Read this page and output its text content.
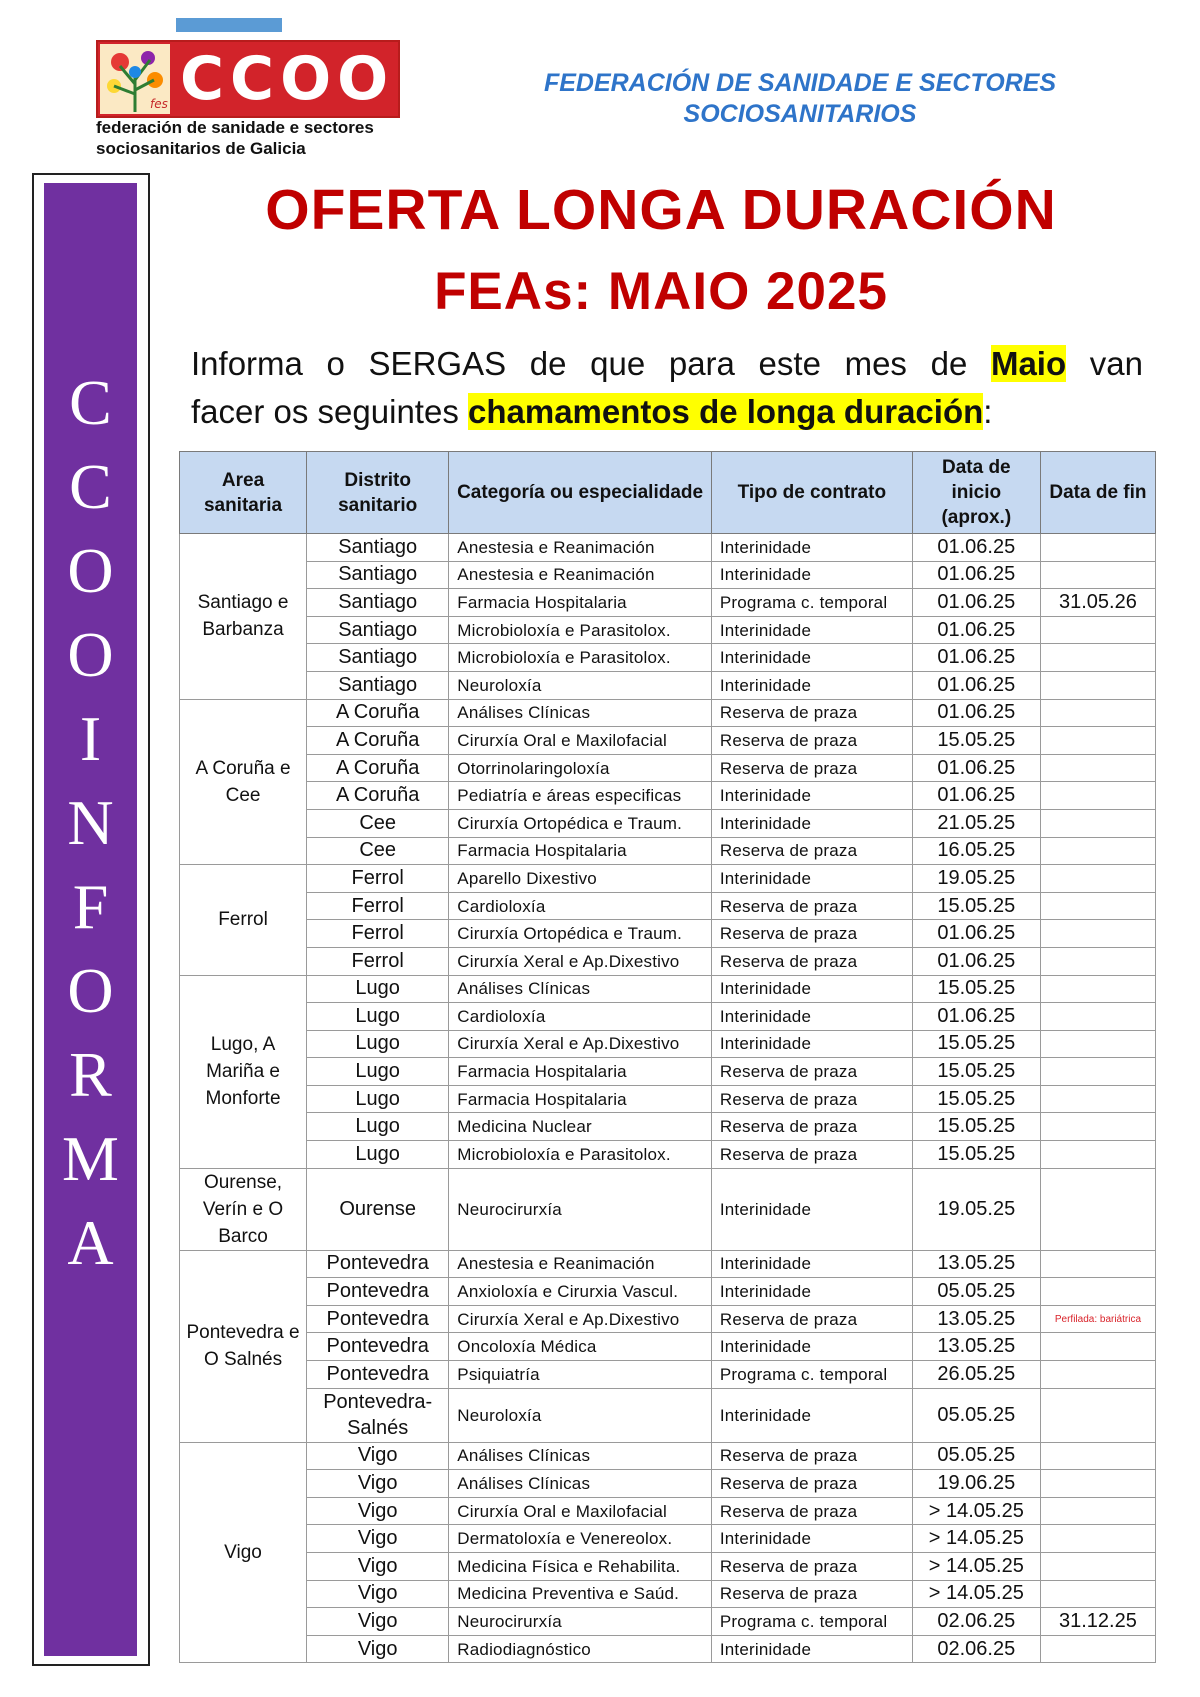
fes CCOO
federación de sanidade e sectores
sociosanitarios de Galicia
FEDERACIÓN DE SANIDADE E SECTORES
SOCIOSANITARIOS
C
C
O
O
I
N
F
O
R
M
A
OFERTA LONGA DURACIÓN
FEAs: MAIO 2025
Informa o SERGAS de que para este mes de Maio van
facer os seguintes chamamentos de longa duración:
Area sanitaria	Distrito sanitario	Categoría ou especialidade	Tipo de contrato	Data de inicio (aprox.)	Data de fin
Santiago e Barbanza	Santiago	Anestesia e Reanimación	Interinidade	01.06.25	
	Santiago	Anestesia e Reanimación	Interinidade	01.06.25	
	Santiago	Farmacia Hospitalaria	Programa c. temporal	01.06.25	31.05.26
	Santiago	Microbioloxía e Parasitolox.	Interinidade	01.06.25	
	Santiago	Microbioloxía e Parasitolox.	Interinidade	01.06.25	
	Santiago	Neuroloxía	Interinidade	01.06.25	
A Coruña e Cee	A Coruña	Análises Clínicas	Reserva de praza	01.06.25	
	A Coruña	Cirurxía Oral e Maxilofacial	Reserva de praza	15.05.25	
	A Coruña	Otorrinolaringoloxía	Reserva de praza	01.06.25	
	A Coruña	Pediatría e áreas especificas	Interinidade	01.06.25	
	Cee	Cirurxía Ortopédica e Traum.	Interinidade	21.05.25	
	Cee	Farmacia Hospitalaria	Reserva de praza	16.05.25	
Ferrol	Ferrol	Aparello Dixestivo	Interinidade	19.05.25	
	Ferrol	Cardioloxía	Reserva de praza	15.05.25	
	Ferrol	Cirurxía Ortopédica e Traum.	Reserva de praza	01.06.25	
	Ferrol	Cirurxía Xeral e Ap.Dixestivo	Reserva de praza	01.06.25	
Lugo, A Mariña e Monforte	Lugo	Análises Clínicas	Interinidade	15.05.25	
	Lugo	Cardioloxía	Interinidade	01.06.25	
	Lugo	Cirurxía Xeral e Ap.Dixestivo	Interinidade	15.05.25	
	Lugo	Farmacia Hospitalaria	Reserva de praza	15.05.25	
	Lugo	Farmacia Hospitalaria	Reserva de praza	15.05.25	
	Lugo	Medicina Nuclear	Reserva de praza	15.05.25	
	Lugo	Microbioloxía e Parasitolox.	Reserva de praza	15.05.25	
Ourense, Verín e O Barco	Ourense	Neurocirurxía	Interinidade	19.05.25	
Pontevedra e O Salnés	Pontevedra	Anestesia e Reanimación	Interinidade	13.05.25	
	Pontevedra	Anxioloxía e Cirurxia Vascul.	Interinidade	05.05.25	
	Pontevedra	Cirurxía Xeral e Ap.Dixestivo	Reserva de praza	13.05.25	Perfilada: bariátrica
	Pontevedra	Oncoloxía Médica	Interinidade	13.05.25	
	Pontevedra	Psiquiatría	Programa c. temporal	26.05.25	
	Pontevedra-Salnés	Neuroloxía	Interinidade	05.05.25	
Vigo	Vigo	Análises Clínicas	Reserva de praza	05.05.25	
	Vigo	Análises Clínicas	Reserva de praza	19.06.25	
	Vigo	Cirurxía Oral e Maxilofacial	Reserva de praza	> 14.05.25	
	Vigo	Dermatoloxía e Venereolox.	Interinidade	> 14.05.25	
	Vigo	Medicina Física e Rehabilita.	Reserva de praza	> 14.05.25	
	Vigo	Medicina Preventiva e Saúd.	Reserva de praza	> 14.05.25	
	Vigo	Neurocirurxía	Programa c. temporal	02.06.25	31.12.25
	Vigo	Radiodiagnóstico	Interinidade	02.06.25	
